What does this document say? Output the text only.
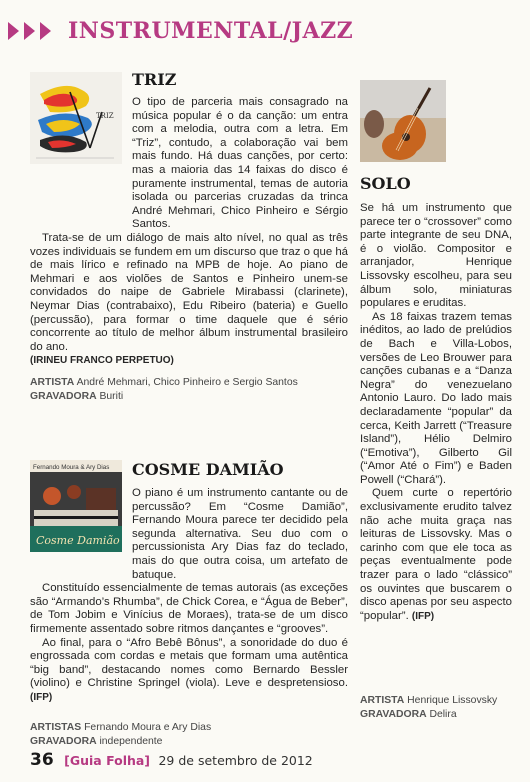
INSTRUMENTAL/JAZZ
TRIZ
TRIZ

O tipo de parceria mais consagrado na música popular é o da canção: um entra com a melodia, outra com a letra. Em “Triz”, contudo, a colaboração vai bem mais fundo. Há duas canções, por certo: mas a maioria das 14 faixas do disco é puramente instrumental, temas de autoria isolada ou parcerias cruzadas da trinca André Mehmari, Chico Pinheiro e Sérgio Santos.

Trata-se de um diálogo de mais alto nível, no qual as três vozes individuais se fundem em um discurso que traz o que há de mais lírico e refinado na MPB de hoje. Ao piano de Mehmari e aos violões de Santos e Pinheiro unem-se convidados do naipe de Gabriele Mirabassi (clarinete), Neymar Dias (contrabaixo), Edu Ribeiro (bateria) e Guello (percussão), para formar o time daquele que é sério concorrente ao título de melhor álbum instrumental brasileiro do ano.

(IRINEU FRANCO PERPETUO)

ARTISTA André Mehmari, Chico Pinheiro e Sergio Santos
GRAVADORA Buriti
Fernando Moura & Ary Dias
Cosme Damião
COSME DAMIÃO

O piano é um instrumento cantante ou de percussão? Em “Cosme Damião”, Fernando Moura parece ter decidido pela segunda alternativa. Seu duo com o percussionista Ary Dias faz do teclado, mais do que outra coisa, um artefato de batuque.

Constituído essencialmente de temas autorais (as exceções são “Armando’s Rhumba”, de Chick Corea, e “Água de Beber”, de Tom Jobim e Vinícius de Moraes), trata-se de um disco firmemente assentado sobre ritmos dançantes e “grooves”.

Ao final, para o “Afro Bebê Bônus”, a sonoridade do duo é engrossada com cordas e metais que formam uma autêntica “big band”, destacando nomes como Bernardo Bessler (violino) e Christine Springel (viola). Leve e despretensioso. (IFP)

ARTISTAS Fernando Moura e Ary Dias
GRAVADORA independente
SOLO

Se há um instrumento que parece ter o “crossover” como parte integrante de seu DNA, é o violão. Compositor e arranjador, Henrique Lissovsky escolheu, para seu álbum solo, miniaturas populares e eruditas.

As 18 faixas trazem temas inéditos, ao lado de prelúdios de Bach e Villa-Lobos, versões de Leo Brouwer para canções cubanas e a “Danza Negra” do venezuelano Antonio Lauro. Do lado mais declaradamente “popular” da cerca, Keith Jarrett (“Treasure Island”), Hélio Delmiro (“Emotiva”), Gilberto Gil (“Amor Até o Fim”) e Baden Powell (“Chará”).

Quem curte o repertório exclusivamente erudito talvez não ache muita graça nas leituras de Lissovsky. Mas o carinho com que ele toca as peças eventualmente pode trazer para o lado “clássico” os ouvintes que buscarem o disco apenas por seu aspecto “popular”. (IFP)

ARTISTA Henrique Lissovsky
GRAVADORA Delira
36 [Guia Folha] 29 de setembro de 2012
